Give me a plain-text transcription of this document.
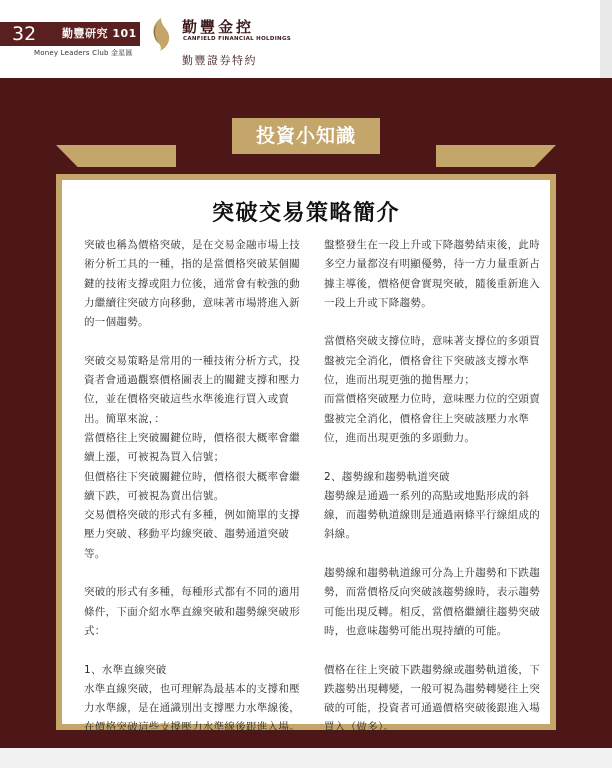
32 勤豐研究 101
Money Leaders Club 金星匯
勤豐金控
CANFIELD FINANCIAL HOLDINGS
勤豐證券特約
投資小知識
突破交易策略簡介

突破也稱為價格突破，是在交易金融市場上技術分析工具的一種，指的是當價格突破某個關鍵的技術支撐或阻力位後，通常會有較強的動力繼續往突破方向移動，意味著市場將進入新的一個趨勢。

突破交易策略是常用的一種技術分析方式，投資者會通過觀察價格圖表上的關鍵支撐和壓力位，並在價格突破這些水準後進行買入或賣出。簡單來說，：

當價格往上突破關鍵位時，價格很大概率會繼續上漲，可被視為買入信號；

但價格往下突破關鍵位時，價格很大概率會繼續下跌，可被視為賣出信號。

交易價格突破的形式有多種，例如簡單的支撐壓力突破、移動平均線突破、趨勢通道突破等。

突破的形式有多種，每種形式都有不同的適用條件，下面介紹水準直線突破和趨勢線突破形式：

1、水準直線突破

水準直線突破，也可理解為最基本的支撐和壓力水準線，是在通識別出支撐壓力水準線後，在價格突破這些支撐壓力水準線後跟進入場。

盤整發生在一段上升或下降趨勢結束後，此時多空力量都沒有明顯優勢，待一方力量重新占據主導後，價格便會實現突破，隨後重新進入一段上升或下降趨勢。

當價格突破支撐位時，意味著支撐位的多頭買盤被完全消化，價格會往下突破該支撐水準位，進而出現更強的拋售壓力；

而當價格突破壓力位時，意味壓力位的空頭賣盤被完全消化，價格會往上突破該壓力水準位，進而出現更強的多頭動力。

2、趨勢線和趨勢軌道突破

趨勢線是通過一系列的高點或地點形成的斜線，而趨勢軌道線則是通過兩條平行線組成的斜線。

趨勢線和趨勢軌道線可分為上升趨勢和下跌趨勢，而當價格反向突破該趨勢線時，表示趨勢可能出現反轉。相反，當價格繼續往趨勢突破時，也意味趨勢可能出現持續的可能。

價格在往上突破下跌趨勢線或趨勢軌道後，下跌趨勢出現轉變，一般可視為趨勢轉變往上突破的可能，投資者可通過價格突破後跟進入場買入（做多）。
